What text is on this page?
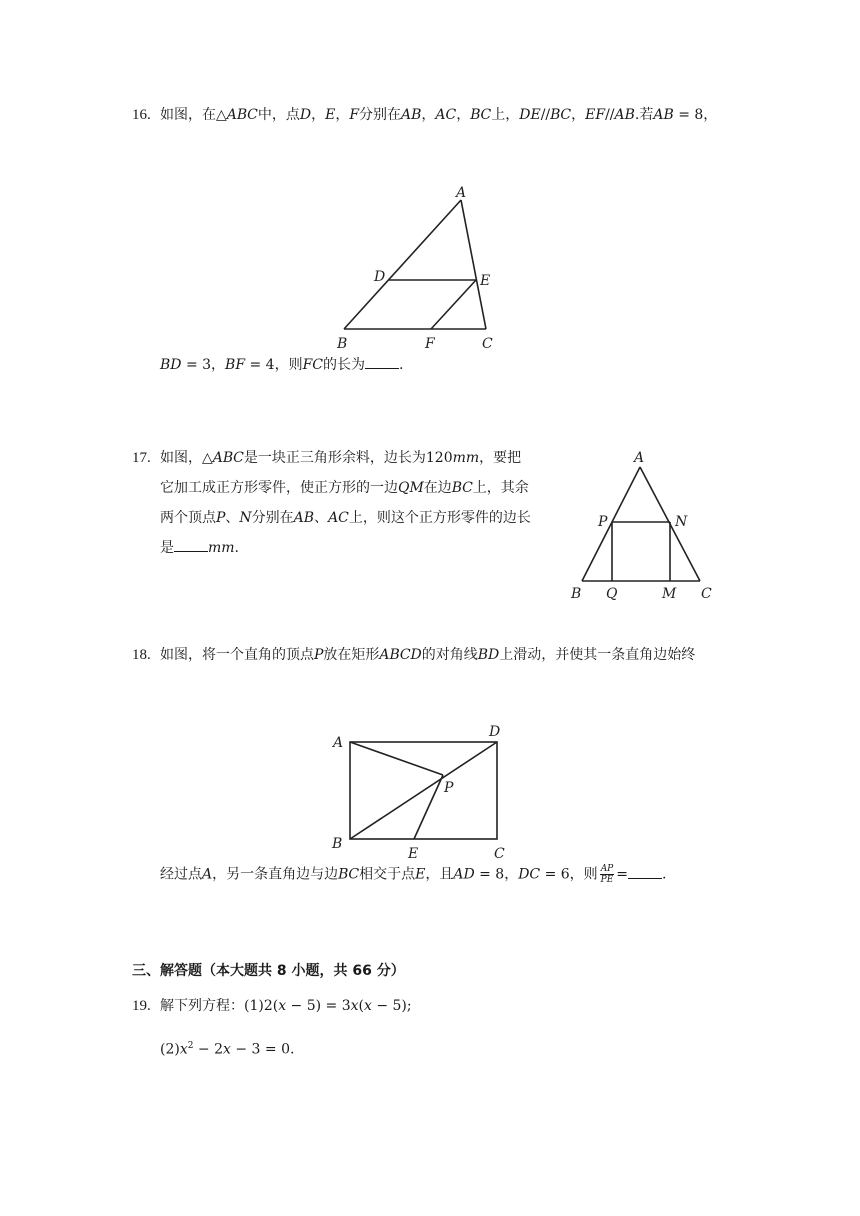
16. 如图，在△𝐴𝐵𝐶中，点𝐷，𝐸，𝐹分别在𝐴𝐵，𝐴𝐶，𝐵𝐶上，𝐷𝐸//𝐵𝐶，𝐸𝐹//𝐴𝐵.若𝐴𝐵 = 8，
A
D	E
B	F	C
𝐵𝐷 = 3，𝐵𝐹 = 4，则𝐹𝐶的长为 .
17. 如图，△𝐴𝐵𝐶是一块正三角形余料，边长为120𝑚𝑚，要把
它加工成正方形零件，使正方形的一边𝑄𝑀在边𝐵𝐶上，其余
两个顶点𝑃、𝑁分别在𝐴𝐵、𝐴𝐶上，则这个正方形零件的边长
是 𝑚𝑚.
A
P	N
B Q	M C
18. 如图，将一个直角的顶点𝑃放在矩形𝐴𝐵𝐶𝐷的对角线𝐵𝐷上滑动，并使其一条直角边始终
A
D
P
B
E	C
经过点𝐴，另一条直角边与边𝐵𝐶相交于点𝐸，且𝐴𝐷 = 8，𝐷𝐶 = 6，则 $\frac{AP}{PE}$ = .
三、解答题（本大题共 8 小题，共 66 分）
19. 解下列方程：(1)2(𝑥 − 5) = 3𝑥(𝑥 − 5);
(2)𝑥$^2$ − 2𝑥 − 3 = 0.
